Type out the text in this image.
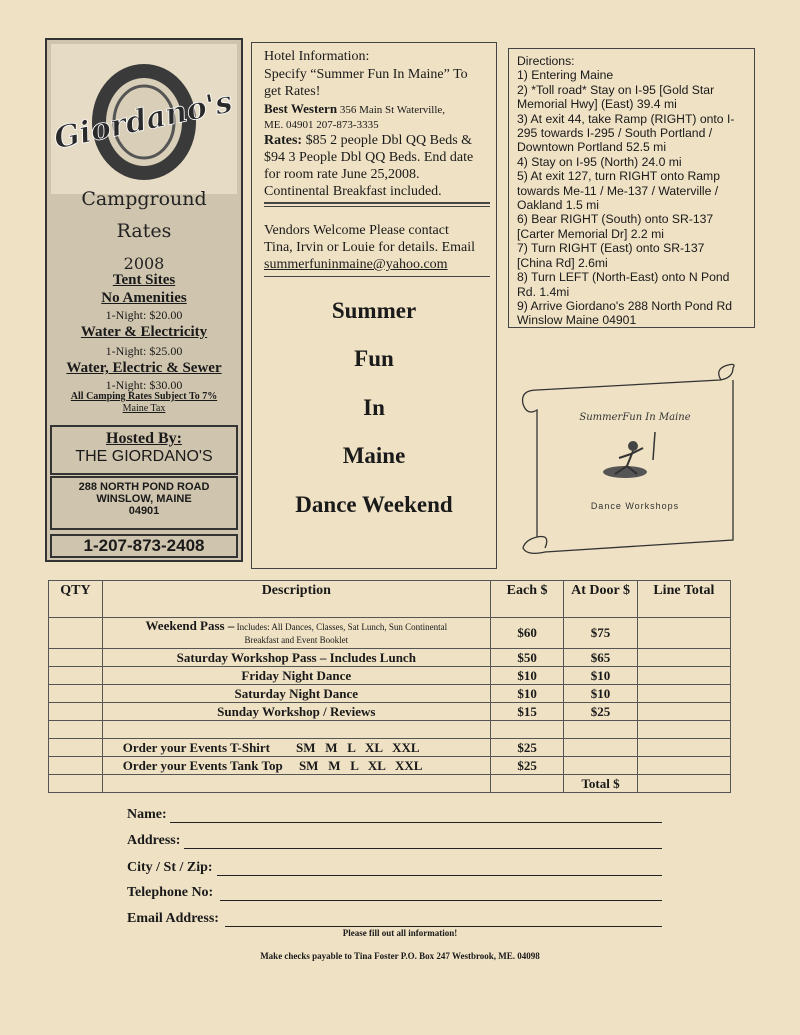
Giordano's
Campground
Rates
2008
Tent Sites
No Amenities
1-Night: $20.00
Water & Electricity
1-Night: $25.00
Water, Electric & Sewer
1-Night: $30.00
All Camping Rates Subject To 7%
Maine Tax
Hosted By:
THE GIORDANO'S
288 NORTH POND ROAD
WINSLOW, MAINE
04901
1-207-873-2408
Hotel Information:
Specify “Summer Fun In Maine” To
get Rates!
Best Western 356 Main St Waterville,
ME. 04901 207-873-3335
Rates: $85 2 people Dbl QQ Beds &
$94 3 People Dbl QQ Beds. End date
for room rate June 25,2008.
Continental Breakfast included.
Vendors Welcome Please contact
Tina, Irvin or Louie for details. Email
summerfuninmaine@yahoo.com
Summer
Fun
In
Maine
Dance Weekend
Directions:
1) Entering Maine
2) *Toll road* Stay on I-95 [Gold Star
Memorial Hwy] (East) 39.4 mi
3) At exit 44, take Ramp (RIGHT) onto I-
295 towards I-295 / South Portland /
Downtown Portland 52.5 mi
4) Stay on I-95 (North) 24.0 mi
5) At exit 127, turn RIGHT onto Ramp
towards Me-11 / Me-137 / Waterville /
Oakland 1.5 mi
6) Bear RIGHT (South) onto SR-137
[Carter Memorial Dr] 2.2 mi
7) Turn RIGHT (East) onto SR-137
[China Rd] 2.6mi
8) Turn LEFT (North-East) onto N Pond
Rd. 1.4mi
9) Arrive Giordano's 288 North Pond Rd
Winslow Maine 04901
SummerFun In Maine
Dance Workshops
QTY	Description	Each $	At Door $	Line Total
	Weekend Pass – Includes: All Dances, Classes, Sat Lunch, Sun Continental
Breakfast and Event Booklet	$60	$75	
	Saturday Workshop Pass – Includes Lunch	$50	$65	
	Friday Night Dance	$10	$10	
	Saturday Night Dance	$10	$10	
	Sunday Workshop / Reviews	$15	$25	

	Order your Events T-Shirt        SM   M   L   XL   XXL	$25		
	Order your Events Tank Top     SM   M   L   XL   XXL	$25		
			Total $	
Name:
Address:
City / St / Zip:
Telephone No:
Email Address:
Please fill out all information!
Make checks payable to Tina Foster P.O. Box 247 Westbrook, ME. 04098
